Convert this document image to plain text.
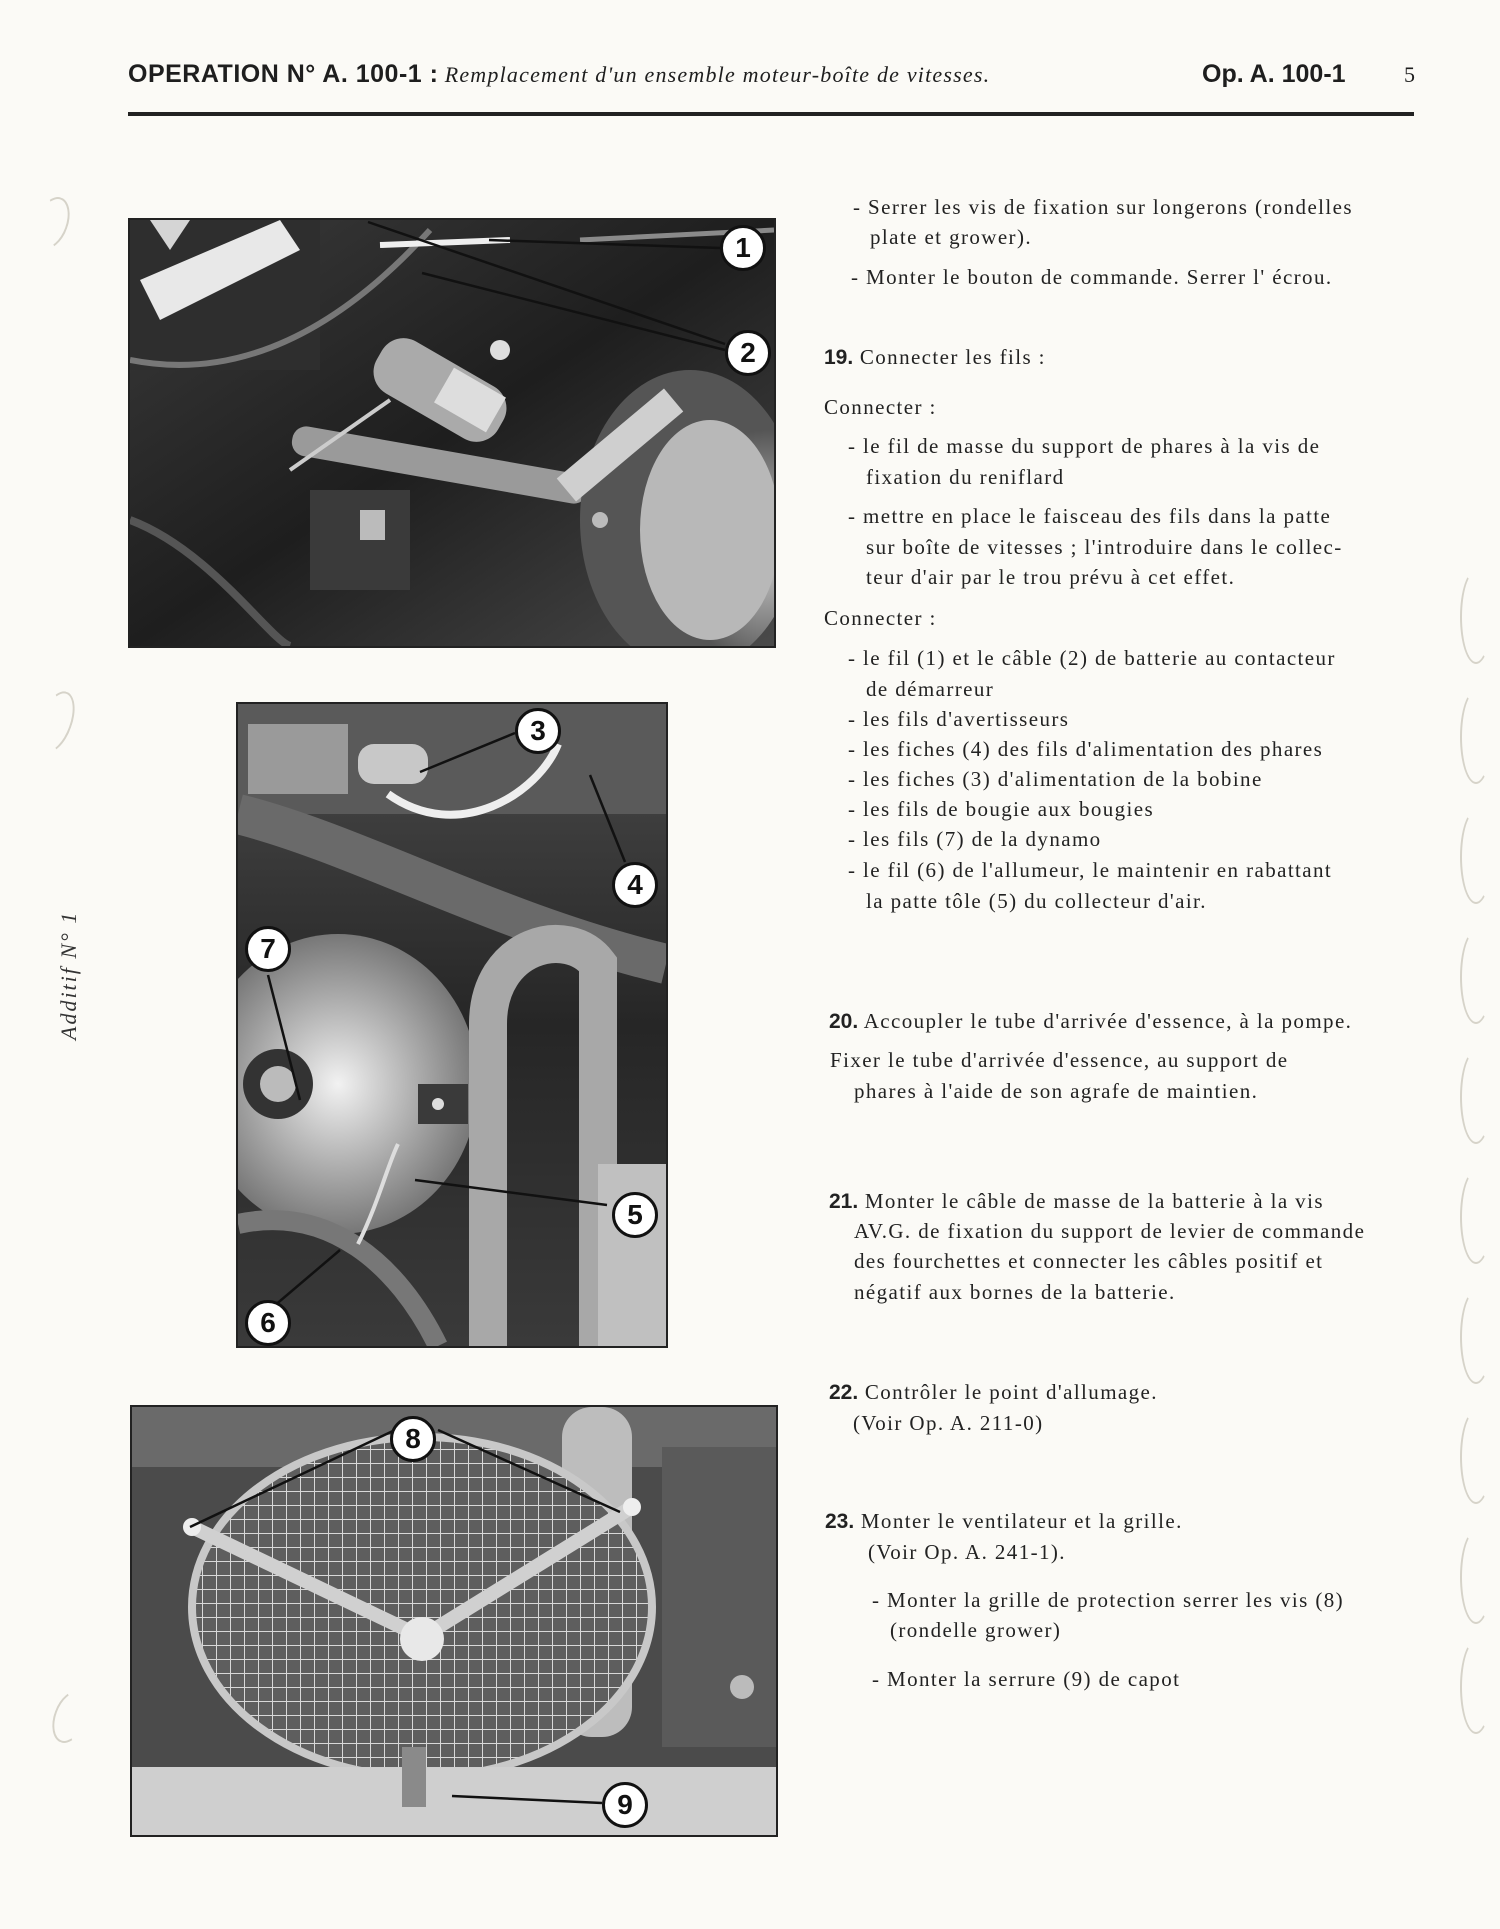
OPERATION N° A. 100-1 : Remplacement d'un ensemble moteur-boîte de vitesses.	Op. A. 100-1	5
Additif N° 1
1
2
3
4
5
6
7
8
9
- Serrer les vis de fixation sur longerons (rondelles
plate et grower).
- Monter le bouton de commande. Serrer l' écrou.
19. Connecter les fils :
Connecter :
- le fil de masse du support de phares à la vis de
fixation du reniflard
- mettre en place le faisceau des fils dans la patte
sur boîte de vitesses ; l'introduire dans le collec-
teur d'air par le trou prévu à cet effet.
Connecter :
- le fil (1) et le câble (2) de batterie au contacteur
de démarreur
- les fils d'avertisseurs
- les fiches (4) des fils d'alimentation des phares
- les fiches (3) d'alimentation de la bobine
- les fils de bougie aux bougies
- les fils (7) de la dynamo
- le fil (6) de l'allumeur, le maintenir en rabattant
la patte tôle (5) du collecteur d'air.
20. Accoupler le tube d'arrivée d'essence, à la pompe.
Fixer le tube d'arrivée d'essence, au support de
phares à l'aide de son agrafe de maintien.
21. Monter le câble de masse de la batterie à la vis
AV.G. de fixation du support de levier de commande
des fourchettes et connecter les câbles positif et
négatif aux bornes de la batterie.
22. Contrôler le point d'allumage.
(Voir Op. A. 211-0)
23. Monter le ventilateur et la grille.
(Voir Op. A. 241-1).
- Monter la grille de protection serrer les vis (8)
(rondelle grower)
- Monter la serrure (9) de capot
